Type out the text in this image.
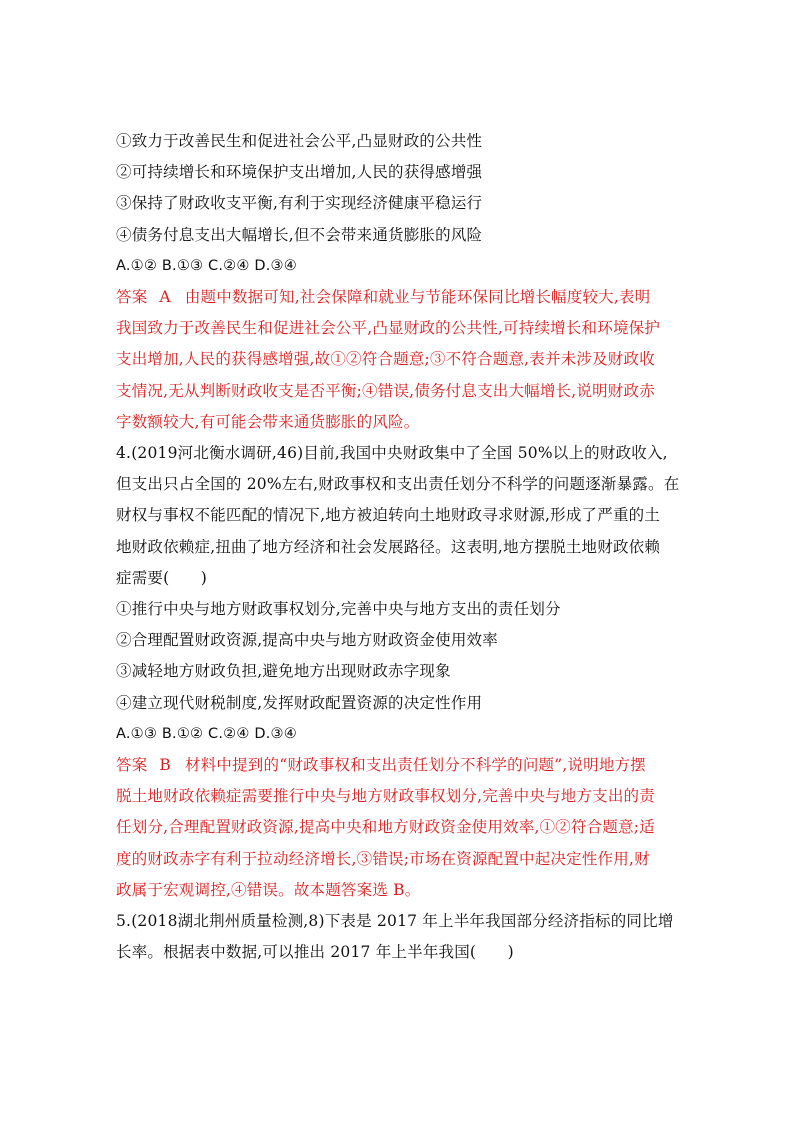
①致力于改善民生和促进社会公平,凸显财政的公共性
②可持续增长和环境保护支出增加,人民的获得感增强
③保持了财政收支平衡,有利于实现经济健康平稳运行
④债务付息支出大幅增长,但不会带来通货膨胀的风险
A.①② B.①③ C.②④ D.③④
答案 A 由题中数据可知,社会保障和就业与节能环保同比增长幅度较大,表明
我国致力于改善民生和促进社会公平,凸显财政的公共性,可持续增长和环境保护
支出增加,人民的获得感增强,故①②符合题意;③不符合题意,表并未涉及财政收
支情况,无从判断财政收支是否平衡;④错误,债务付息支出大幅增长,说明财政赤
字数额较大,有可能会带来通货膨胀的风险。
4.(2019河北衡水调研,46)目前,我国中央财政集中了全国 50%以上的财政收入,
但支出只占全国的 20%左右,财政事权和支出责任划分不科学的问题逐渐暴露。在
财权与事权不能匹配的情况下,地方被迫转向土地财政寻求财源,形成了严重的土
地财政依赖症,扭曲了地方经济和社会发展路径。这表明,地方摆脱土地财政依赖
症需要(　　)
①推行中央与地方财政事权划分,完善中央与地方支出的责任划分
②合理配置财政资源,提高中央与地方财政资金使用效率
③减轻地方财政负担,避免地方出现财政赤字现象
④建立现代财税制度,发挥财政配置资源的决定性作用
A.①③ B.①② C.②④ D.③④
答案 B 材料中提到的“财政事权和支出责任划分不科学的问题”,说明地方摆
脱土地财政依赖症需要推行中央与地方财政事权划分,完善中央与地方支出的责
任划分,合理配置财政资源,提高中央和地方财政资金使用效率,①②符合题意;适
度的财政赤字有利于拉动经济增长,③错误;市场在资源配置中起决定性作用,财
政属于宏观调控,④错误。故本题答案选 B。
5.(2018湖北荆州质量检测,8)下表是 2017 年上半年我国部分经济指标的同比增
长率。根据表中数据,可以推出 2017 年上半年我国(　　)
